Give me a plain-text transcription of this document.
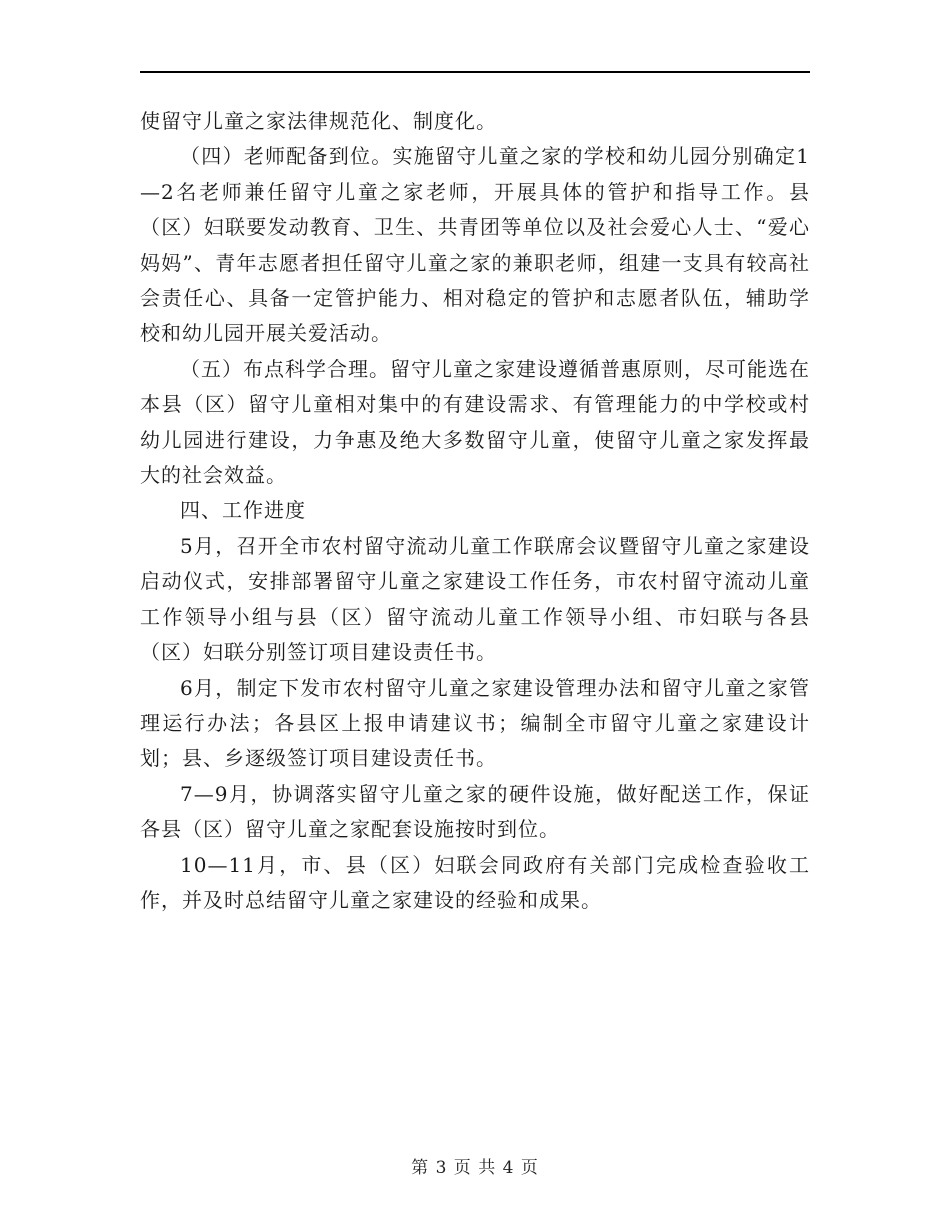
使留守儿童之家法律规范化、制度化。

（四）老师配备到位。实施留守儿童之家的学校和幼儿园分别确定1—2名老师兼任留守儿童之家老师，开展具体的管护和指导工作。县（区）妇联要发动教育、卫生、共青团等单位以及社会爱心人士、“爱心妈妈”、青年志愿者担任留守儿童之家的兼职老师，组建一支具有较高社会责任心、具备一定管护能力、相对稳定的管护和志愿者队伍，辅助学校和幼儿园开展关爱活动。

（五）布点科学合理。留守儿童之家建设遵循普惠原则，尽可能选在本县（区）留守儿童相对集中的有建设需求、有管理能力的中学校或村幼儿园进行建设，力争惠及绝大多数留守儿童，使留守儿童之家发挥最大的社会效益。

四、工作进度

5月，召开全市农村留守流动儿童工作联席会议暨留守儿童之家建设启动仪式，安排部署留守儿童之家建设工作任务，市农村留守流动儿童工作领导小组与县（区）留守流动儿童工作领导小组、市妇联与各县（区）妇联分别签订项目建设责任书。

6月，制定下发市农村留守儿童之家建设管理办法和留守儿童之家管理运行办法；各县区上报申请建议书；编制全市留守儿童之家建设计划；县、乡逐级签订项目建设责任书。

7—9月，协调落实留守儿童之家的硬件设施，做好配送工作，保证各县（区）留守儿童之家配套设施按时到位。

10—11月，市、县（区）妇联会同政府有关部门完成检查验收工作，并及时总结留守儿童之家建设的经验和成果。

第 3 页 共 4 页
